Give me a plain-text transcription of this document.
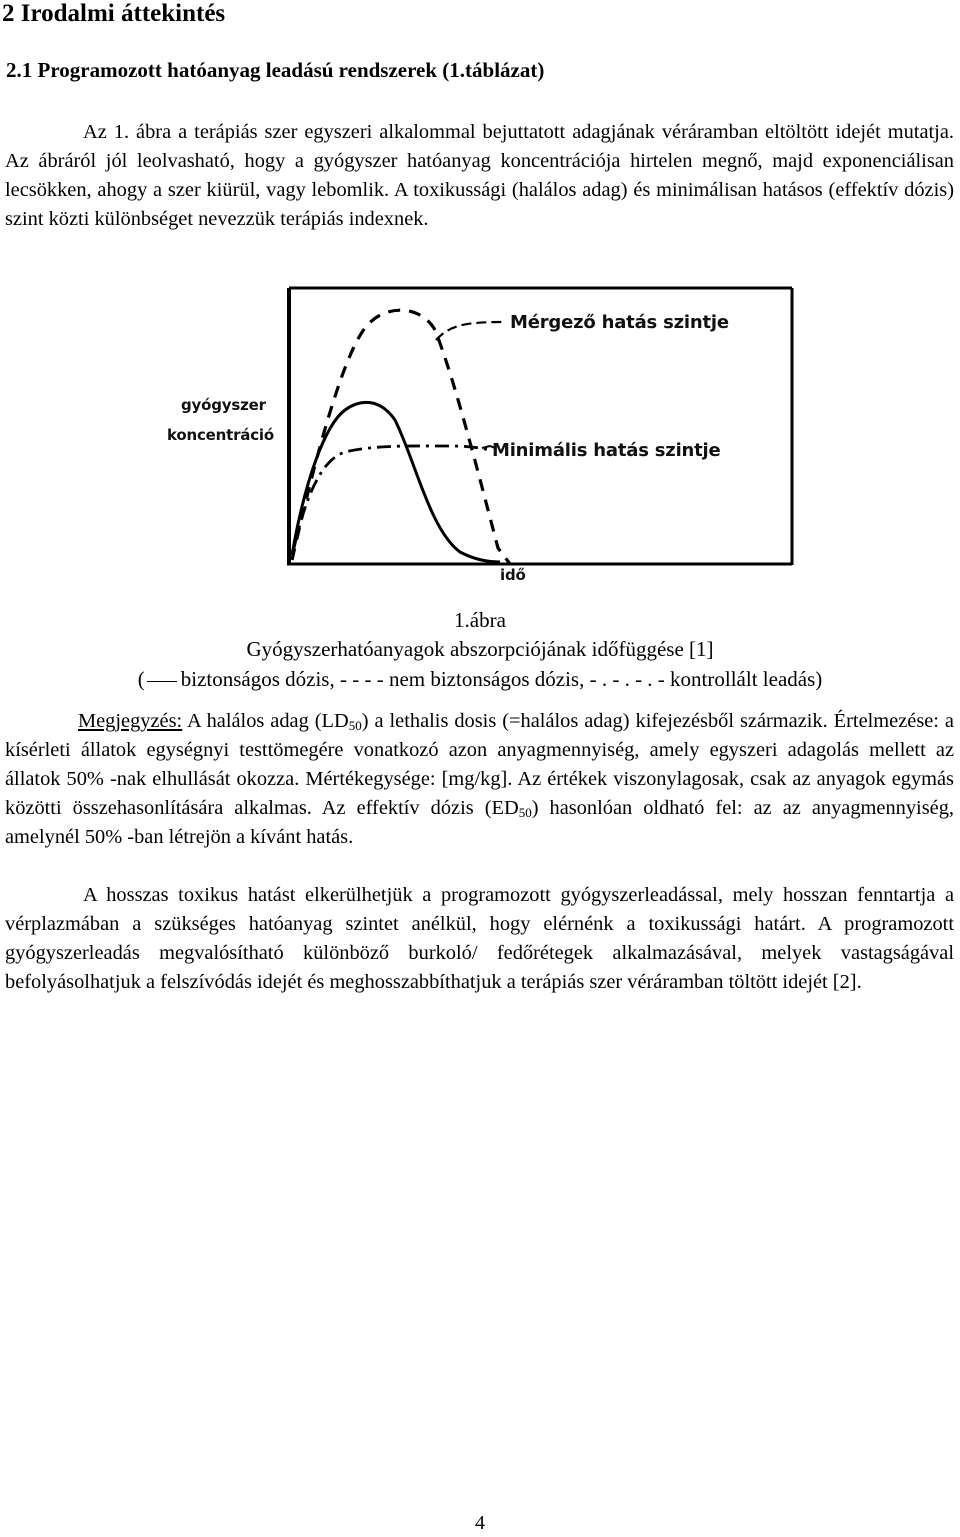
2 Irodalmi áttekintés
2.1 Programozott hatóanyag leadású rendszerek (1.táblázat)

Az 1. ábra a terápiás szer egyszeri alkalommal bejuttatott adagjának véráramban eltöltött idejét mutatja. Az ábráról jól leolvasható, hogy a gyógyszer hatóanyag koncentrációja hirtelen megnő, majd exponenciálisan lecsökken, ahogy a szer kiürül, vagy lebomlik. A toxikussági (halálos adag) és minimálisan hatásos (effektív dózis) szint közti különbséget nevezzük terápiás indexnek.

gyógyszer
koncentráció
idő
Mérgező hatás szintje
Minimális hatás szintje

1.ábra

Gyógyszerhatóanyagok abszorpciójának időfüggése [1]

( biztonságos dózis, - - - - nem biztonságos dózis, - . - . - . - kontrollált leadás)

Megjegyzés: A halálos adag $(LD_{50})$ a lethalis dosis (=halálos adag) kifejezésből származik. Értelmezése: a kísérleti állatok egységnyi testtömegére vonatkozó azon anyagmennyiség, amely egyszeri adagolás mellett az állatok 50% -nak elhullását okozza. Mértékegysége: [mg/kg]. Az értékek viszonylagosak, csak az anyagok egymás közötti összehasonlítására alkalmas. Az effektív dózis $(ED_{50})$ hasonlóan oldható fel: az az anyagmennyiség, amelynél 50% -ban létrejön a kívánt hatás.

A hosszas toxikus hatást elkerülhetjük a programozott gyógyszerleadással, mely hosszan fenntartja a vérplazmában a szükséges hatóanyag szintet anélkül, hogy elérnénk a toxikussági határt. A programozott gyógyszerleadás megvalósítható különböző burkoló/ fedőrétegek alkalmazásával, melyek vastagságával befolyásolhatjuk a felszívódás idejét és meghosszabbíthatjuk a terápiás szer véráramban töltött idejét [2].

4
